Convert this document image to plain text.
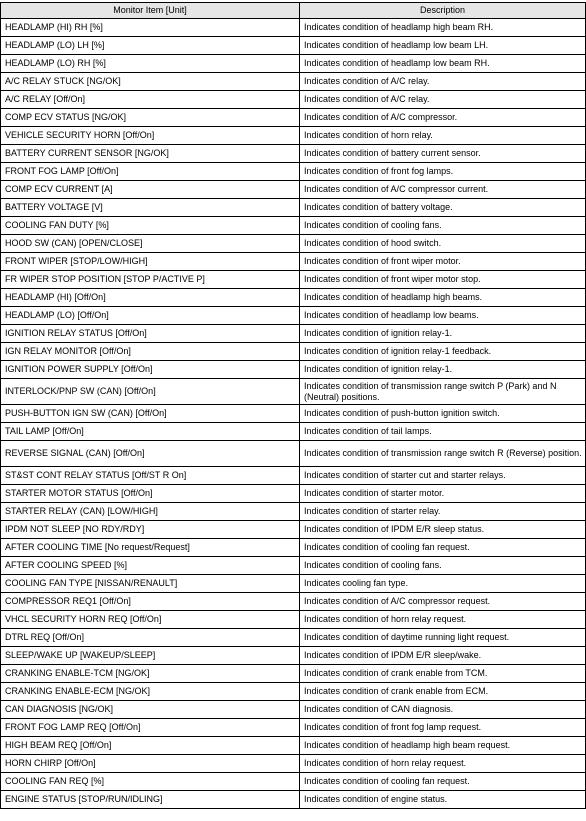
Monitor Item [Unit]	Description
HEADLAMP (HI) RH [%]	Indicates condition of headlamp high beam RH.
HEADLAMP (LO) LH [%]	Indicates condition of headlamp low beam LH.
HEADLAMP (LO) RH [%]	Indicates condition of headlamp low beam RH.
A/C RELAY STUCK [NG/OK]	Indicates condition of A/C relay.
A/C RELAY [Off/On]	Indicates condition of A/C relay.
COMP ECV STATUS [NG/OK]	Indicates condition of A/C compressor.
VEHICLE SECURITY HORN [Off/On]	Indicates condition of horn relay.
BATTERY CURRENT SENSOR [NG/OK]	Indicates condition of battery current sensor.
FRONT FOG LAMP [Off/On]	Indicates condition of front fog lamps.
COMP ECV CURRENT [A]	Indicates condition of A/C compressor current.
BATTERY VOLTAGE [V]	Indicates condition of battery voltage.
COOLING FAN DUTY [%]	Indicates condition of cooling fans.
HOOD SW (CAN) [OPEN/CLOSE]	Indicates condition of hood switch.
FRONT WIPER [STOP/LOW/HIGH]	Indicates condition of front wiper motor.
FR WIPER STOP POSITION [STOP P/ACTIVE P]	Indicates condition of front wiper motor stop.
HEADLAMP (HI) [Off/On]	Indicates condition of headlamp high beams.
HEADLAMP (LO) [Off/On]	Indicates condition of headlamp low beams.
IGNITION RELAY STATUS [Off/On]	Indicates condition of ignition relay-1.
IGN RELAY MONITOR [Off/On]	Indicates condition of ignition relay-1 feedback.
IGNITION POWER SUPPLY [Off/On]	Indicates condition of ignition relay-1.
INTERLOCK/PNP SW (CAN) [Off/On]	Indicates condition of transmission range switch P (Park) and N (Neutral) positions.
PUSH-BUTTON IGN SW (CAN) [Off/On]	Indicates condition of push-button ignition switch.
TAIL LAMP [Off/On]	Indicates condition of tail lamps.
REVERSE SIGNAL (CAN) [Off/On]	Indicates condition of transmission range switch R (Reverse) position.
ST&ST CONT RELAY STATUS [Off/ST R On]	Indicates condition of starter cut and starter relays.
STARTER MOTOR STATUS [Off/On]	Indicates condition of starter motor.
STARTER RELAY (CAN) [LOW/HIGH]	Indicates condition of starter relay.
IPDM NOT SLEEP [NO RDY/RDY]	Indicates condition of IPDM E/R sleep status.
AFTER COOLING TIME [No request/Request]	Indicates condition of cooling fan request.
AFTER COOLING SPEED [%]	Indicates condition of cooling fans.
COOLING FAN TYPE [NISSAN/RENAULT]	Indicates cooling fan type.
COMPRESSOR REQ1 [Off/On]	Indicates condition of A/C compressor request.
VHCL SECURITY HORN REQ [Off/On]	Indicates condition of horn relay request.
DTRL REQ [Off/On]	Indicates condition of daytime running light request.
SLEEP/WAKE UP [WAKEUP/SLEEP]	Indicates condition of IPDM E/R sleep/wake.
CRANKING ENABLE-TCM [NG/OK]	Indicates condition of crank enable from TCM.
CRANKING ENABLE-ECM [NG/OK]	Indicates condition of crank enable from ECM.
CAN DIAGNOSIS [NG/OK]	Indicates condition of CAN diagnosis.
FRONT FOG LAMP REQ [Off/On]	Indicates condition of front fog lamp request.
HIGH BEAM REQ [Off/On]	Indicates condition of headlamp high beam request.
HORN CHIRP [Off/On]	Indicates condition of horn relay request.
COOLING FAN REQ [%]	Indicates condition of cooling fan request.
ENGINE STATUS [STOP/RUN/IDLING]	Indicates condition of engine status.
